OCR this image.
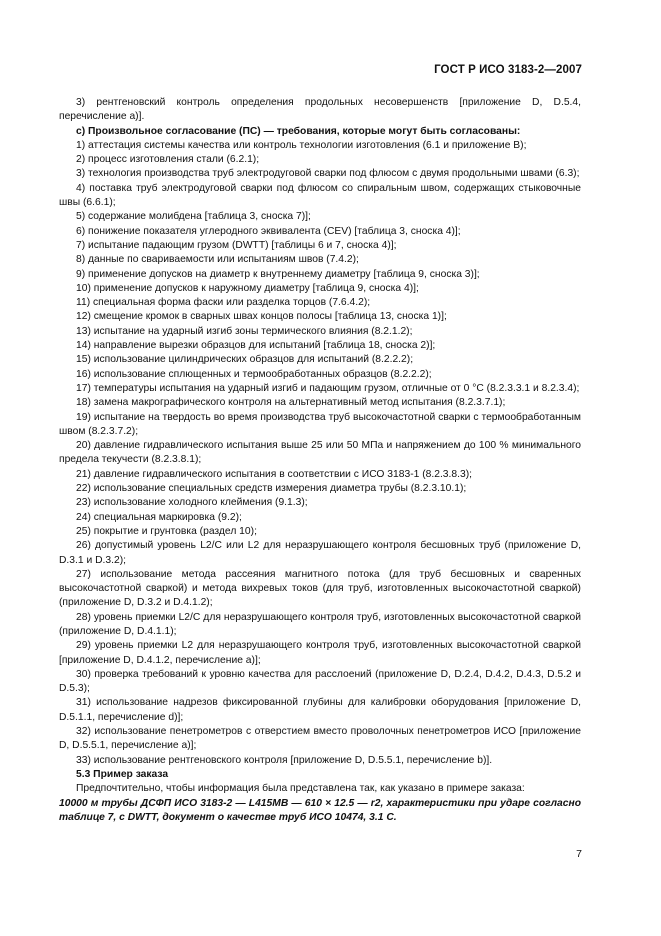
ГОСТ Р ИСО 3183-2—2007

3) рентгеновский контроль определения продольных несовершенств [приложение D, D.5.4, перечисление a)].

c) Произвольное согласование (ПС) — требования, которые могут быть согласованы:

1) аттестация системы качества или контроль технологии изготовления (6.1 и приложение B);

2) процесс изготовления стали (6.2.1);

3) технология производства труб электродуговой сварки под флюсом с двумя продольными швами (6.3);

4) поставка труб электродуговой сварки под флюсом со спиральным швом, содержащих стыковочные швы (6.6.1);

5) содержание молибдена [таблица 3, сноска 7)];

6) понижение показателя углеродного эквивалента (CEV) [таблица 3, сноска 4)];

7) испытание падающим грузом (DWTT) [таблицы 6 и 7, сноска 4)];

8) данные по свариваемости или испытаниям швов (7.4.2);

9) применение допусков на диаметр к внутреннему диаметру [таблица 9, сноска 3)];

10) применение допусков к наружному диаметру [таблица 9, сноска 4)];

11) специальная форма фаски или разделка торцов (7.6.4.2);

12) смещение кромок в сварных швах концов полосы [таблица 13, сноска 1)];

13) испытание на ударный изгиб зоны термического влияния (8.2.1.2);

14) направление вырезки образцов для испытаний [таблица 18, сноска 2)];

15) использование цилиндрических образцов для испытаний (8.2.2.2);

16) использование сплющенных и термообработанных образцов (8.2.2.2);

17) температуры испытания на ударный изгиб и падающим грузом, отличные от 0 °C (8.2.3.3.1 и 8.2.3.4);

18) замена макрографического контроля на альтернативный метод испытания (8.2.3.7.1);

19) испытание на твердость во время производства труб высокочастотной сварки с термообработанным швом (8.2.3.7.2);

20) давление гидравлического испытания выше 25 или 50 МПа и напряжением до 100 % минимального предела текучести (8.2.3.8.1);

21) давление гидравлического испытания в соответствии с ИСО 3183-1 (8.2.3.8.3);

22) использование специальных средств измерения диаметра трубы (8.2.3.10.1);

23) использование холодного клеймения (9.1.3);

24) специальная маркировка (9.2);

25) покрытие и грунтовка (раздел 10);

26) допустимый уровень L2/C или L2 для неразрушающего контроля бесшовных труб (приложение D, D.3.1 и D.3.2);

27) использование метода рассеяния магнитного потока (для труб бесшовных и сваренных высокочастотной сваркой) и метода вихревых токов (для труб, изготовленных высокочастотной сваркой) (приложение D, D.3.2 и D.4.1.2);

28) уровень приемки L2/C для неразрушающего контроля труб, изготовленных высокочастотной сваркой (приложение D, D.4.1.1);

29) уровень приемки L2 для неразрушающего контроля труб, изготовленных высокочастотной сваркой [приложение D, D.4.1.2, перечисление a)];

30) проверка требований к уровню качества для расслоений (приложение D, D.2.4, D.4.2, D.4.3, D.5.2 и D.5.3);

31) использование надрезов фиксированной глубины для калибровки оборудования [приложение D, D.5.1.1, перечисление d)];

32) использование пенетрометров с отверстием вместо проволочных пенетрометров ИСО [приложение D, D.5.5.1, перечисление a)];

33) использование рентгеновского контроля [приложение D, D.5.5.1, перечисление b)].

5.3 Пример заказа

Предпочтительно, чтобы информация была представлена так, как указано в примере заказа:

10000 м трубы ДСФП ИСО 3183-2 — L415MB — 610 × 12.5 — r2, характеристики при ударе согласно таблице 7, с DWTT, документ о качестве труб ИСО 10474, 3.1 C.

7
